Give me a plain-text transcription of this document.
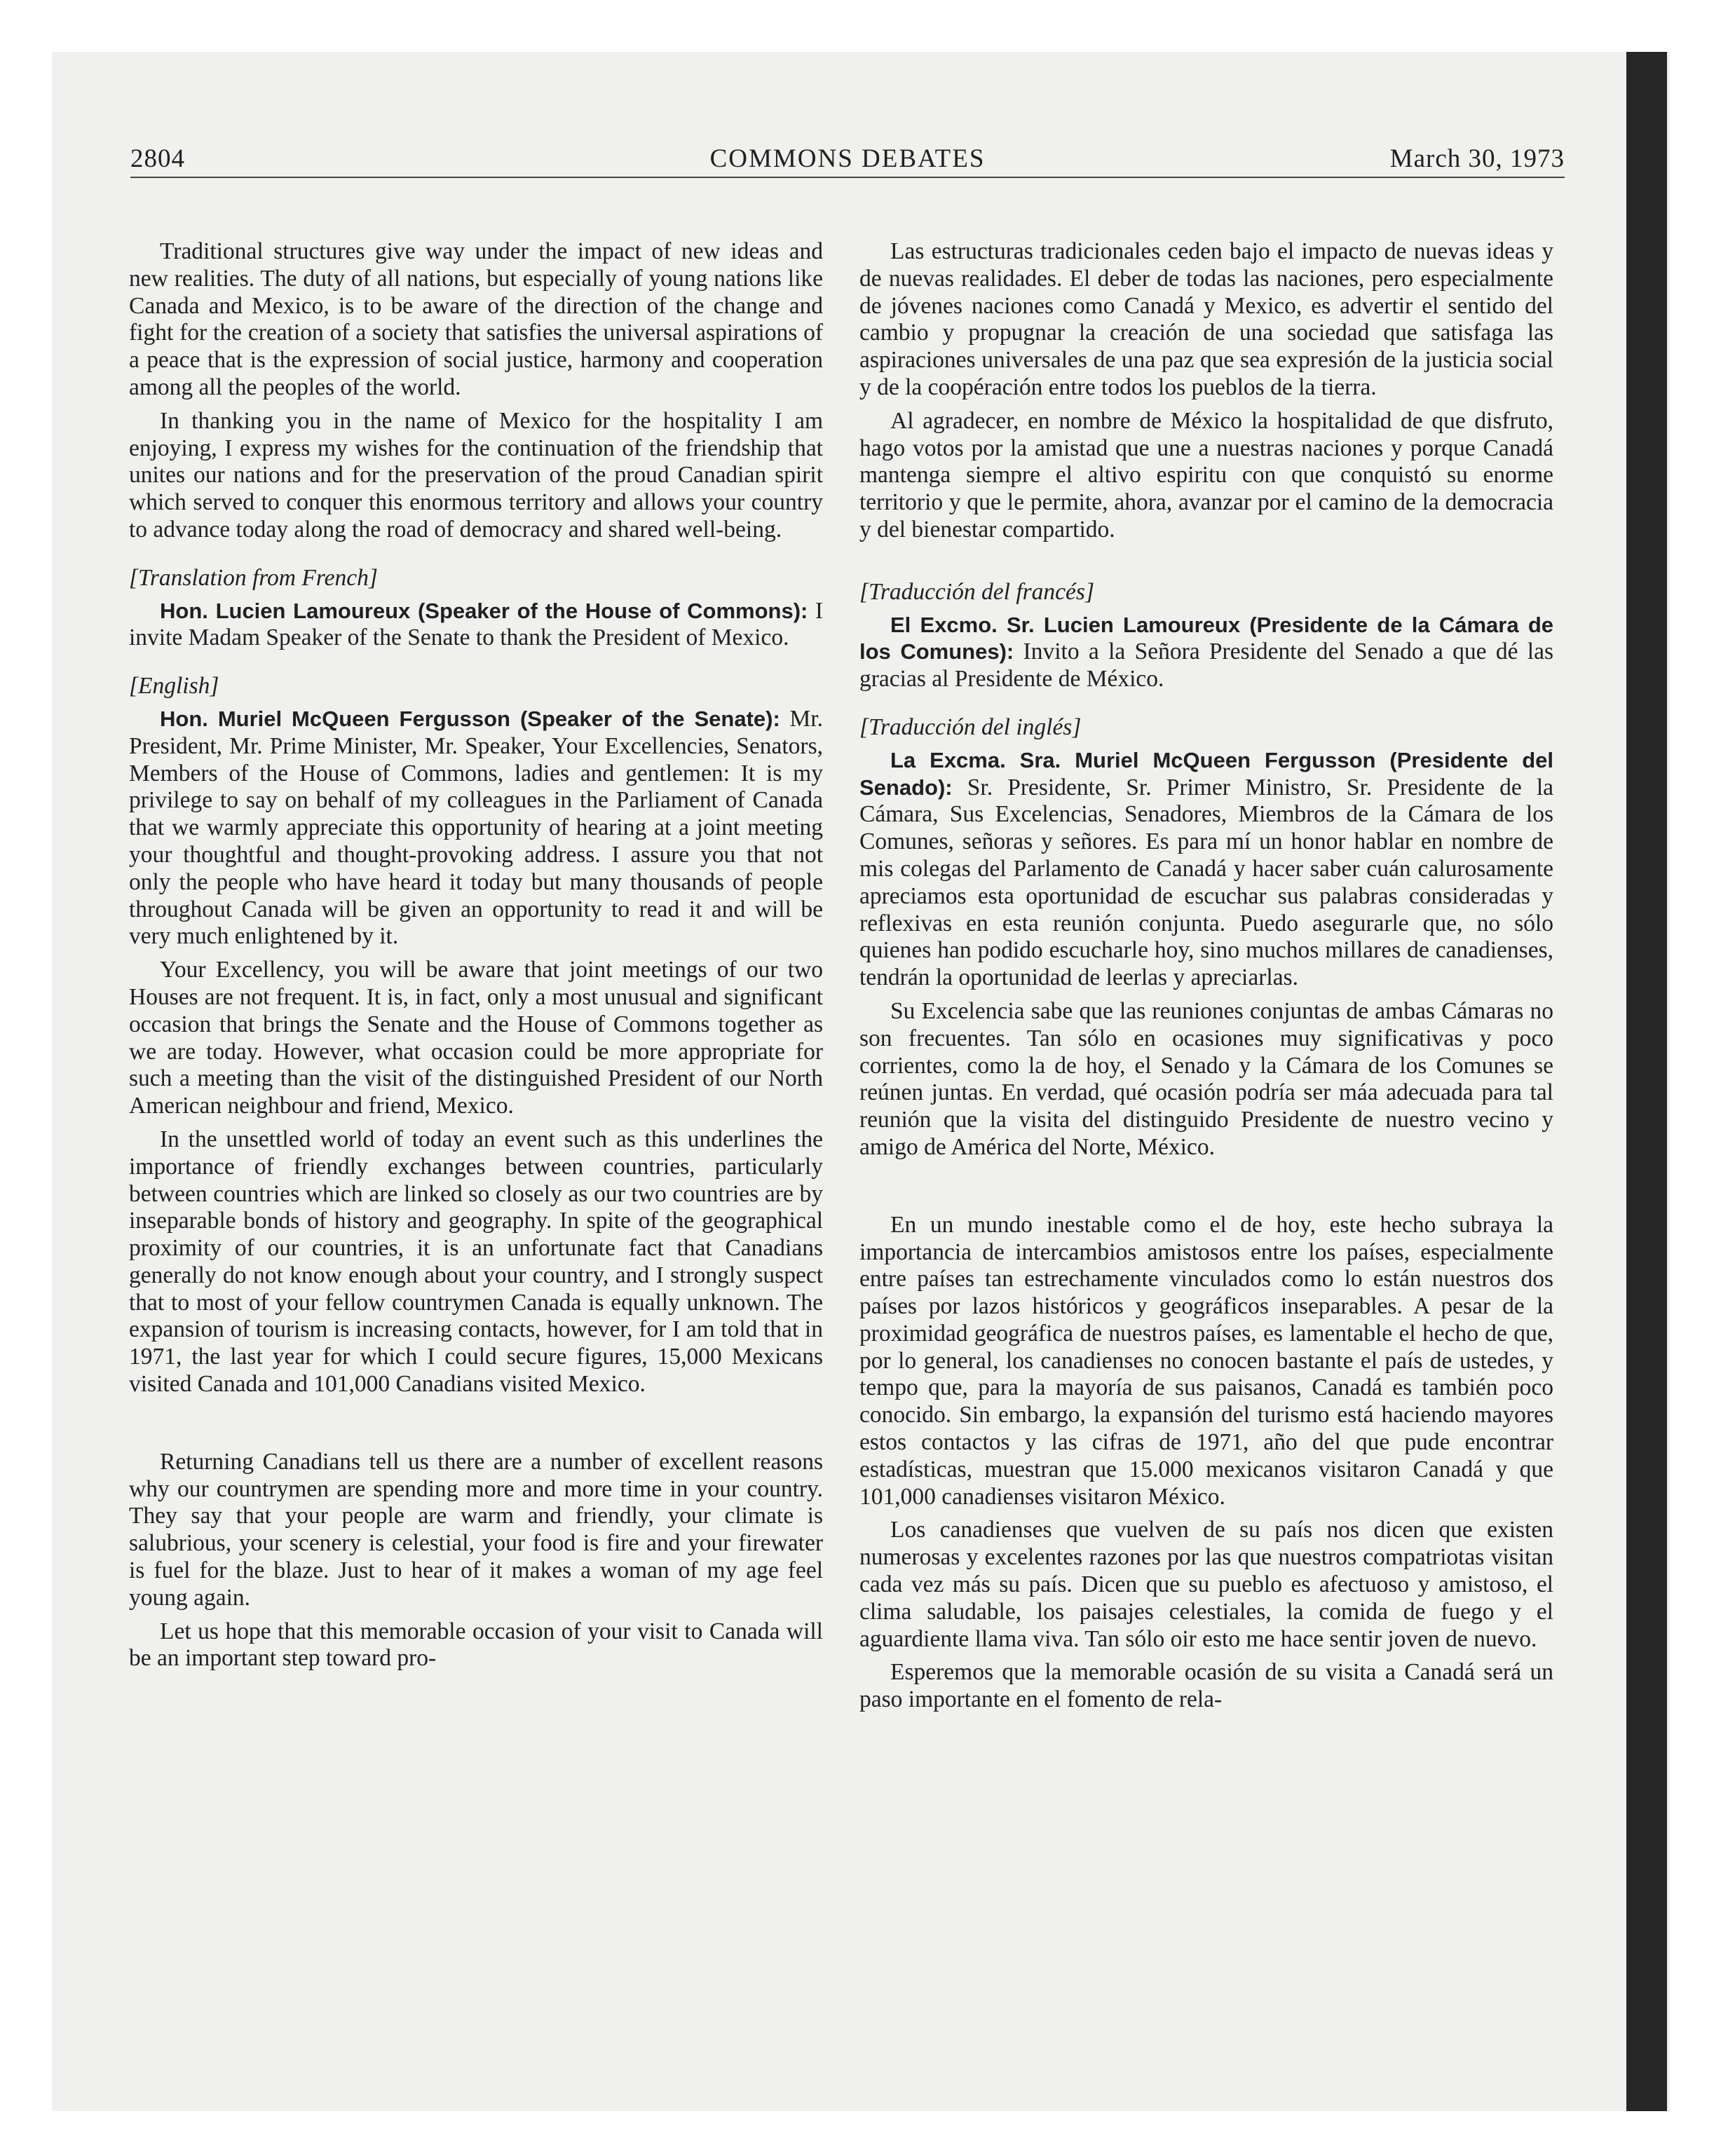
2804	COMMONS DEBATES	March 30, 1973

Traditional structures give way under the impact of new ideas and new realities. The duty of all nations, but especially of young nations like Canada and Mexico, is to be aware of the direction of the change and fight for the creation of a society that satisfies the universal aspirations of a peace that is the expression of social justice, harmony and cooperation among all the peoples of the world.

In thanking you in the name of Mexico for the hospitality I am enjoying, I express my wishes for the continuation of the friendship that unites our nations and for the preservation of the proud Canadian spirit which served to conquer this enormous territory and allows your country to advance today along the road of democracy and shared well-being.

[Translation from French]

Hon. Lucien Lamoureux (Speaker of the House of Commons): I invite Madam Speaker of the Senate to thank the President of Mexico.

[English]

Hon. Muriel McQueen Fergusson (Speaker of the Senate): Mr. President, Mr. Prime Minister, Mr. Speaker, Your Excellencies, Senators, Members of the House of Commons, ladies and gentlemen: It is my privilege to say on behalf of my colleagues in the Parliament of Canada that we warmly appreciate this opportunity of hearing at a joint meeting your thoughtful and thought-provoking address. I assure you that not only the people who have heard it today but many thousands of people throughout Canada will be given an opportunity to read it and will be very much enlightened by it.

Your Excellency, you will be aware that joint meetings of our two Houses are not frequent. It is, in fact, only a most unusual and significant occasion that brings the Senate and the House of Commons together as we are today. However, what occasion could be more appropriate for such a meeting than the visit of the distinguished President of our North American neighbour and friend, Mexico.

In the unsettled world of today an event such as this underlines the importance of friendly exchanges between countries, particularly between countries which are linked so closely as our two countries are by inseparable bonds of history and geography. In spite of the geographical proximity of our countries, it is an unfortunate fact that Canadians generally do not know enough about your country, and I strongly suspect that to most of your fellow countrymen Canada is equally unknown. The expansion of tourism is increasing contacts, however, for I am told that in 1971, the last year for which I could secure figures, 15,000 Mexicans visited Canada and 101,000 Canadians visited Mexico.

Returning Canadians tell us there are a number of excellent reasons why our countrymen are spending more and more time in your country. They say that your people are warm and friendly, your climate is salubrious, your scenery is celestial, your food is fire and your firewater is fuel for the blaze. Just to hear of it makes a woman of my age feel young again.

Let us hope that this memorable occasion of your visit to Canada will be an important step toward pro-

Las estructuras tradicionales ceden bajo el impacto de nuevas ideas y de nuevas realidades. El deber de todas las naciones, pero especialmente de jóvenes naciones como Canadá y Mexico, es advertir el sentido del cambio y propugnar la creación de una sociedad que satisfaga las aspiraciones universales de una paz que sea expresión de la justicia social y de la coopéración entre todos los pueblos de la tierra.

Al agradecer, en nombre de México la hospitalidad de que disfruto, hago votos por la amistad que une a nuestras naciones y porque Canadá mantenga siempre el altivo espiritu con que conquistó su enorme territorio y que le permite, ahora, avanzar por el camino de la democracia y del bienestar compartido.

[Traducción del francés]

El Excmo. Sr. Lucien Lamoureux (Presidente de la Cámara de los Comunes): Invito a la Señora Presidente del Senado a que dé las gracias al Presidente de México.

[Traducción del inglés]

La Excma. Sra. Muriel McQueen Fergusson (Presidente del Senado): Sr. Presidente, Sr. Primer Ministro, Sr. Presidente de la Cámara, Sus Excelencias, Senadores, Miembros de la Cámara de los Comunes, señoras y señores. Es para mí un honor hablar en nombre de mis colegas del Parlamento de Canadá y hacer saber cuán calurosamente apreciamos esta oportunidad de escuchar sus palabras consideradas y reflexivas en esta reunión conjunta. Puedo asegurarle que, no sólo quienes han podido escucharle hoy, sino muchos millares de canadienses, tendrán la oportunidad de leerlas y apreciarlas.

Su Excelencia sabe que las reuniones conjuntas de ambas Cámaras no son frecuentes. Tan sólo en ocasiones muy significativas y poco corrientes, como la de hoy, el Senado y la Cámara de los Comunes se reúnen juntas. En verdad, qué ocasión podría ser máa adecuada para tal reunión que la visita del distinguido Presidente de nuestro vecino y amigo de América del Norte, México.

En un mundo inestable como el de hoy, este hecho subraya la importancia de intercambios amistosos entre los países, especialmente entre países tan estrechamente vinculados como lo están nuestros dos países por lazos históricos y geográficos inseparables. A pesar de la proximidad geográfica de nuestros países, es lamentable el hecho de que, por lo general, los canadienses no conocen bastante el país de ustedes, y tempo que, para la mayoría de sus paisanos, Canadá es también poco conocido. Sin embargo, la expansión del turismo está haciendo mayores estos contactos y las cifras de 1971, año del que pude encontrar estadísticas, muestran que 15.000 mexicanos visitaron Canadá y que 101,000 canadienses visitaron México.

Los canadienses que vuelven de su país nos dicen que existen numerosas y excelentes razones por las que nuestros compatriotas visitan cada vez más su país. Dicen que su pueblo es afectuoso y amistoso, el clima saludable, los paisajes celestiales, la comida de fuego y el aguardiente llama viva. Tan sólo oir esto me hace sentir joven de nuevo.

Esperemos que la memorable ocasión de su visita a Canadá será un paso importante en el fomento de rela-
